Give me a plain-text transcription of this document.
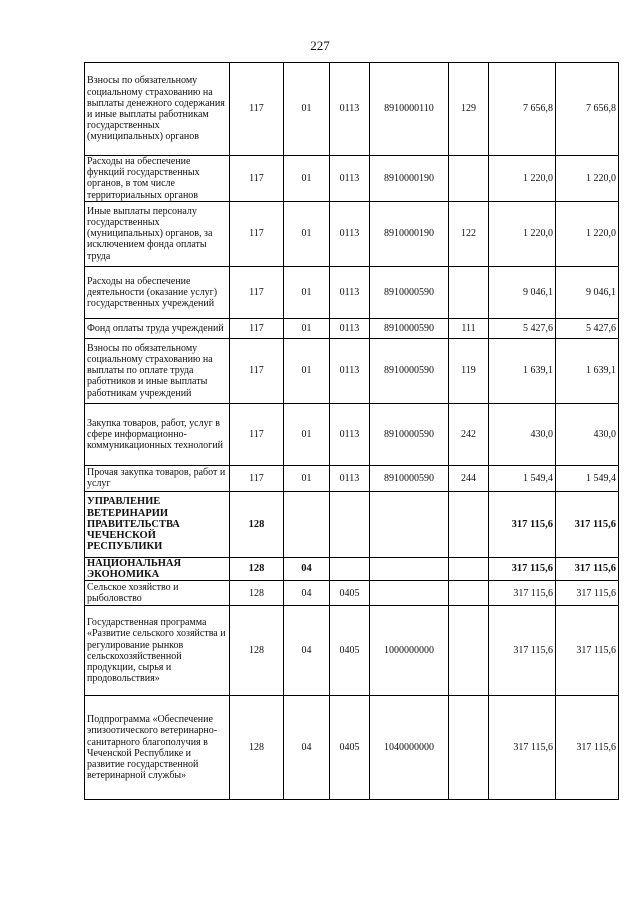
227
Взносы по обязательному социальному страхованию на выплаты денежного содержания и иные выплаты работникам государственных (муниципальных) органов	117	01	0113	8910000110	129	7 656,8	7 656,8
Расходы на обеспечение функций государственных органов, в том числе территориальных органов	117	01	0113	8910000190		1 220,0	1 220,0
Иные выплаты персоналу государственных (муниципальных) органов, за исключением фонда оплаты труда	117	01	0113	8910000190	122	1 220,0	1 220,0
Расходы на обеспечение деятельности (оказание услуг) государственных учреждений	117	01	0113	8910000590		9 046,1	9 046,1
Фонд оплаты труда учреждений	117	01	0113	8910000590	111	5 427,6	5 427,6
Взносы по обязательному социальному страхованию на выплаты по оплате труда работников и иные выплаты работникам учреждений	117	01	0113	8910000590	119	1 639,1	1 639,1
Закупка товаров, работ, услуг в сфере информационно-коммуникационных технологий	117	01	0113	8910000590	242	430,0	430,0
Прочая закупка товаров, работ и услуг	117	01	0113	8910000590	244	1 549,4	1 549,4
УПРАВЛЕНИЕ ВЕТЕРИНАРИИ ПРАВИТЕЛЬСТВА ЧЕЧЕНСКОЙ РЕСПУБЛИКИ	128					317 115,6	317 115,6
НАЦИОНАЛЬНАЯ ЭКОНОМИКА	128	04				317 115,6	317 115,6
Сельское хозяйство и рыболовство	128	04	0405			317 115,6	317 115,6
Государственная программа «Развитие сельского хозяйства и регулирование рынков сельскохозяйственной продукции, сырья и продовольствия»	128	04	0405	1000000000		317 115,6	317 115,6
Подпрограмма «Обеспечение эпизоотического ветеринарно-санитарного благополучия в Чеченской Республике и развитие государственной ветеринарной службы»	128	04	0405	1040000000		317 115,6	317 115,6
